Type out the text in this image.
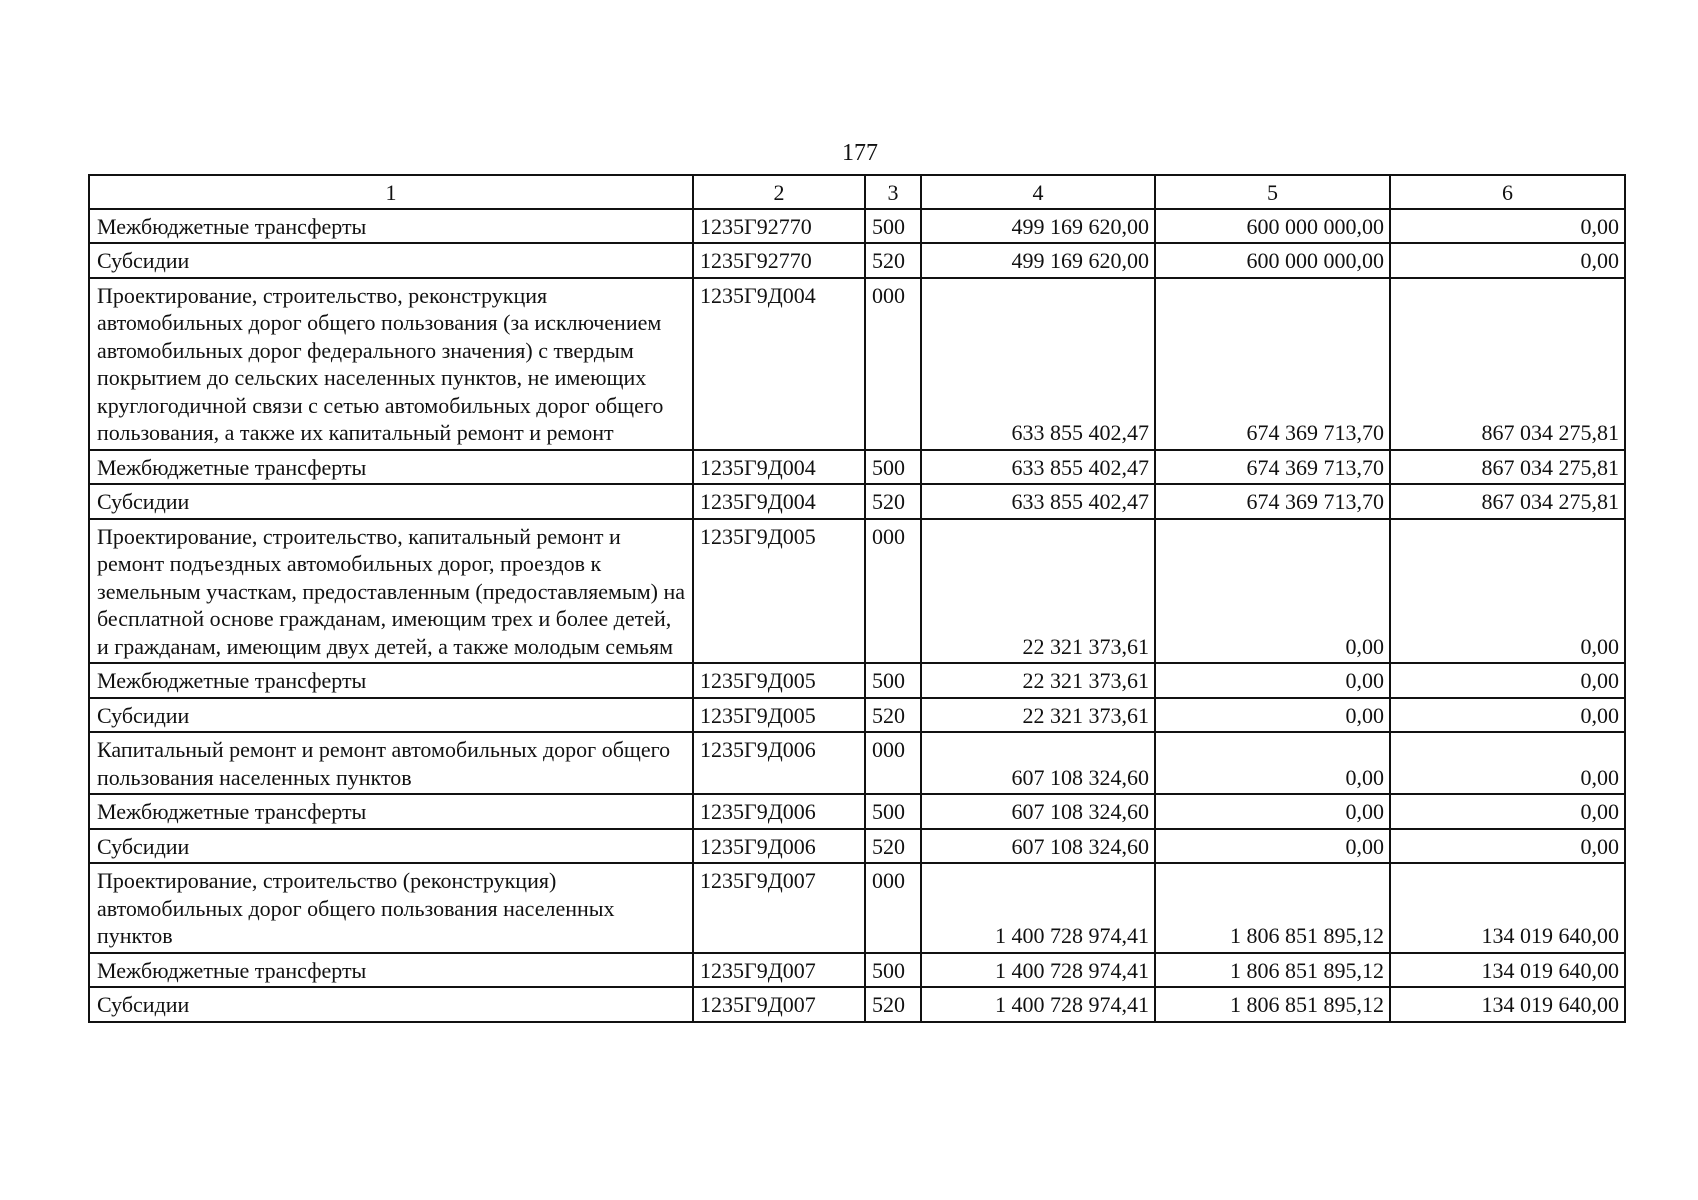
177
1	2	3	4	5	6
Межбюджетные трансферты	1235Г92770	500	499 169 620,00	600 000 000,00	0,00
Субсидии	1235Г92770	520	499 169 620,00	600 000 000,00	0,00
Проектирование, строительство, реконструкция автомобильных дорог общего пользования (за исключением автомобильных дорог федерального значения) с твердым покрытием до сельских населенных пунктов, не имеющих круглогодичной связи с сетью автомобильных дорог общего пользования, а также их капитальный ремонт и ремонт	1235Г9Д004	000	633 855 402,47	674 369 713,70	867 034 275,81
Межбюджетные трансферты	1235Г9Д004	500	633 855 402,47	674 369 713,70	867 034 275,81
Субсидии	1235Г9Д004	520	633 855 402,47	674 369 713,70	867 034 275,81
Проектирование, строительство, капитальный ремонт и ремонт подъездных автомобильных дорог, проездов к земельным участкам, предоставленным (предоставляемым) на бесплатной основе гражданам, имеющим трех и более детей, и гражданам, имеющим двух детей, а также молодым семьям	1235Г9Д005	000	22 321 373,61	0,00	0,00
Межбюджетные трансферты	1235Г9Д005	500	22 321 373,61	0,00	0,00
Субсидии	1235Г9Д005	520	22 321 373,61	0,00	0,00
Капитальный ремонт и ремонт автомобильных дорог общего пользования населенных пунктов	1235Г9Д006	000	607 108 324,60	0,00	0,00
Межбюджетные трансферты	1235Г9Д006	500	607 108 324,60	0,00	0,00
Субсидии	1235Г9Д006	520	607 108 324,60	0,00	0,00
Проектирование, строительство (реконструкция) автомобильных дорог общего пользования населенных пунктов	1235Г9Д007	000	1 400 728 974,41	1 806 851 895,12	134 019 640,00
Межбюджетные трансферты	1235Г9Д007	500	1 400 728 974,41	1 806 851 895,12	134 019 640,00
Субсидии	1235Г9Д007	520	1 400 728 974,41	1 806 851 895,12	134 019 640,00
